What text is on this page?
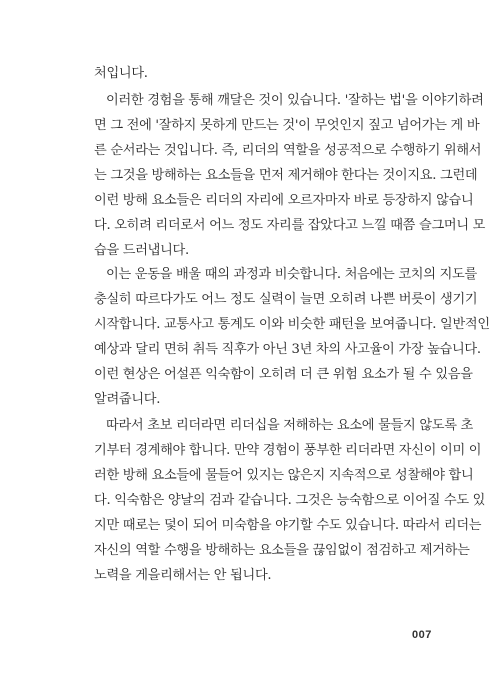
처입니다.
이러한 경험을 통해 깨달은 것이 있습니다. '잘하는 법'을 이야기하려
면 그 전에 '잘하지 못하게 만드는 것'이 무엇인지 짚고 넘어가는 게 바
른 순서라는 것입니다. 즉, 리더의 역할을 성공적으로 수행하기 위해서
는 그것을 방해하는 요소들을 먼저 제거해야 한다는 것이지요. 그런데
이런 방해 요소들은 리더의 자리에 오르자마자 바로 등장하지 않습니
다. 오히려 리더로서 어느 정도 자리를 잡았다고 느낄 때쯤 슬그머니 모
습을 드러냅니다.
이는 운동을 배울 때의 과정과 비슷합니다. 처음에는 코치의 지도를
충실히 따르다가도 어느 정도 실력이 늘면 오히려 나쁜 버릇이 생기기
시작합니다. 교통사고 통계도 이와 비슷한 패턴을 보여줍니다. 일반적인
예상과 달리 면허 취득 직후가 아닌 3년 차의 사고율이 가장 높습니다.
이런 현상은 어설픈 익숙함이 오히려 더 큰 위험 요소가 될 수 있음을
알려줍니다.
따라서 초보 리더라면 리더십을 저해하는 요소에 물들지 않도록 초
기부터 경계해야 합니다. 만약 경험이 풍부한 리더라면 자신이 이미 이
러한 방해 요소들에 물들어 있지는 않은지 지속적으로 성찰해야 합니
다. 익숙함은 양날의 검과 같습니다. 그것은 능숙함으로 이어질 수도 있
지만 때로는 덫이 되어 미숙함을 야기할 수도 있습니다. 따라서 리더는
자신의 역할 수행을 방해하는 요소들을 끊임없이 점검하고 제거하는
노력을 게을리해서는 안 됩니다.
007
